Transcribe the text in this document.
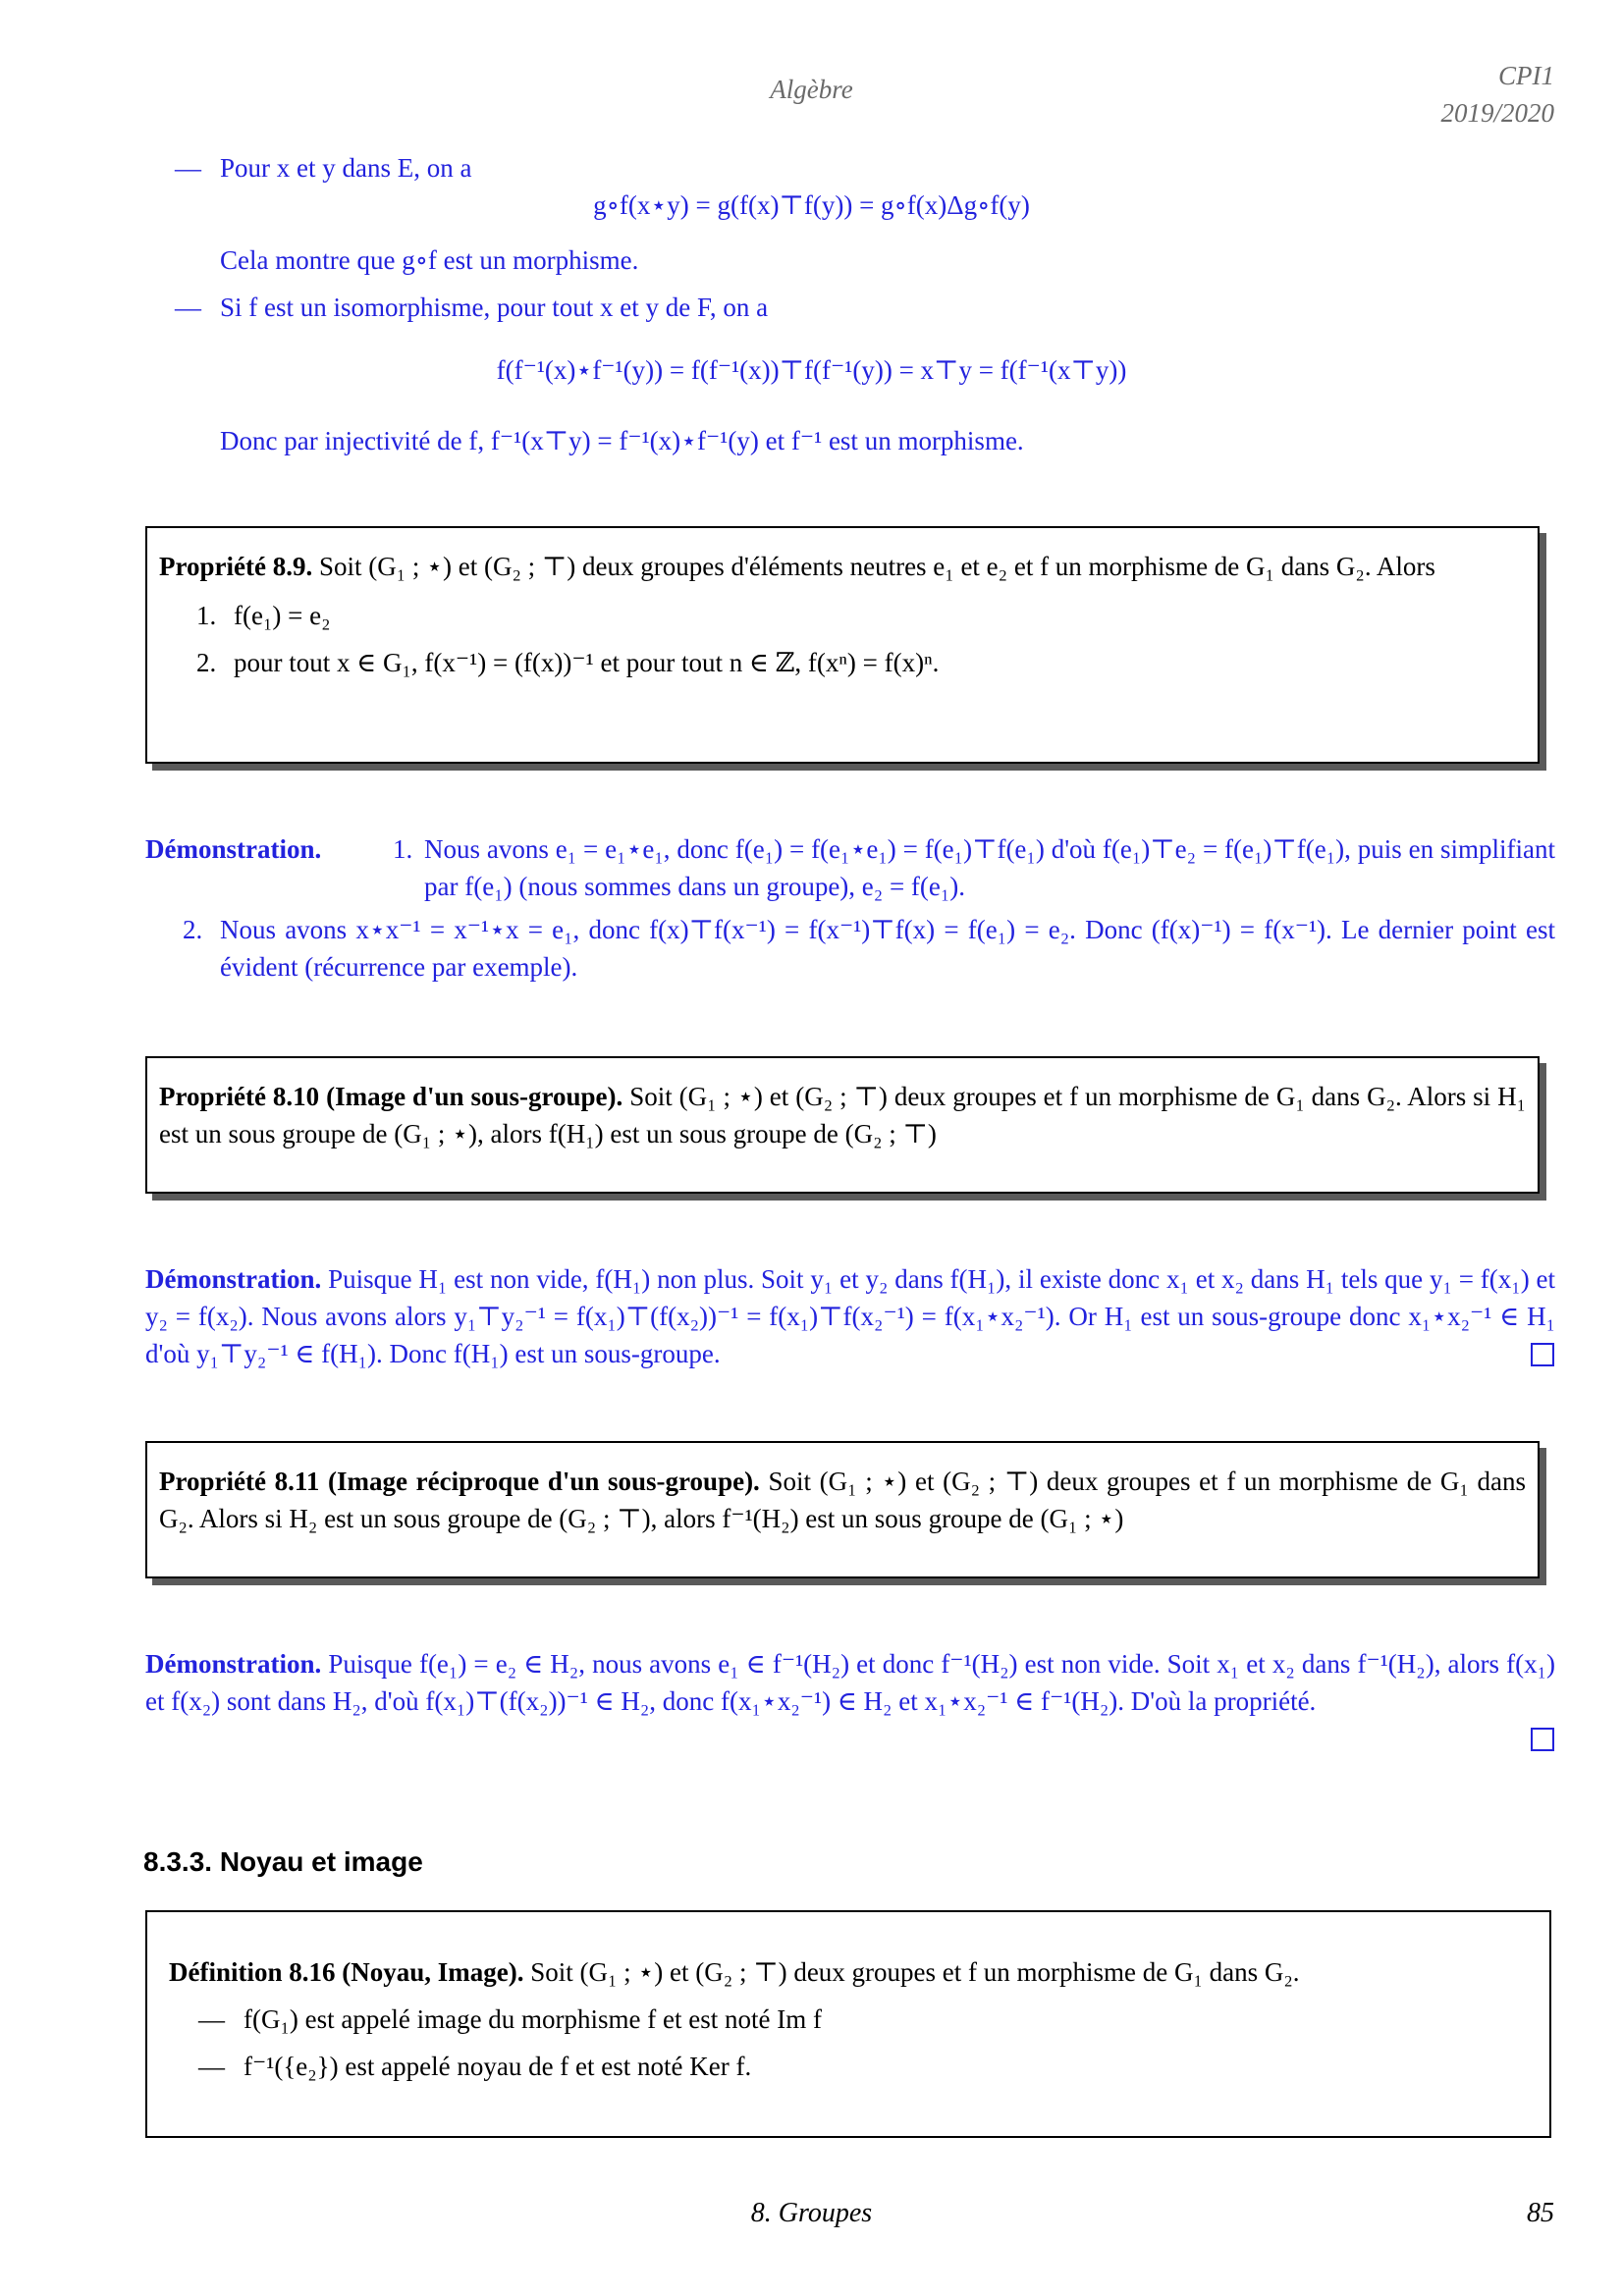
Algèbre	CPI1
2019/2020
— Pour x et y dans E, on a
g∘f(x⋆y) = g(f(x)⊤f(y)) = g∘f(x)Δg∘f(y)
Cela montre que g∘f est un morphisme.
— Si f est un isomorphisme, pour tout x et y de F, on a
f(f⁻¹(x)⋆f⁻¹(y)) = f(f⁻¹(x))⊤f(f⁻¹(y)) = x⊤y = f(f⁻¹(x⊤y))
Donc par injectivité de f, f⁻¹(x⊤y) = f⁻¹(x)⋆f⁻¹(y) et f⁻¹ est un morphisme.
Propriété 8.9. Soit (G₁ ; ⋆) et (G₂ ; ⊤) deux groupes d'éléments neutres e₁ et e₂ et f un morphisme de G₁ dans G₂. Alors
1. f(e₁) = e₂
2. pour tout x ∈ G₁, f(x⁻¹) = (f(x))⁻¹ et pour tout n ∈ ℤ, f(xⁿ) = f(x)ⁿ.
Démonstration.	1. Nous avons e₁ = e₁⋆e₁, donc f(e₁) = f(e₁⋆e₁) = f(e₁)⊤f(e₁) d'où f(e₁)⊤e₂ = f(e₁)⊤f(e₁), puis en simplifiant par f(e₁) (nous sommes dans un groupe), e₂ = f(e₁).
2. Nous avons x⋆x⁻¹ = x⁻¹⋆x = e₁, donc f(x)⊤f(x⁻¹) = f(x⁻¹)⊤f(x) = f(e₁) = e₂. Donc (f(x)⁻¹) = f(x⁻¹). Le dernier point est évident (récurrence par exemple).
Propriété 8.10 (Image d'un sous-groupe). Soit (G₁ ; ⋆) et (G₂ ; ⊤) deux groupes et f un morphisme de G₁ dans G₂. Alors si H₁ est un sous groupe de (G₁ ; ⋆), alors f(H₁) est un sous groupe de (G₂ ; ⊤)
Démonstration. Puisque H₁ est non vide, f(H₁) non plus. Soit y₁ et y₂ dans f(H₁), il existe donc x₁ et x₂ dans H₁ tels que y₁ = f(x₁) et y₂ = f(x₂). Nous avons alors y₁⊤y₂⁻¹ = f(x₁)⊤(f(x₂))⁻¹ = f(x₁)⊤f(x₂⁻¹) = f(x₁⋆x₂⁻¹). Or H₁ est un sous-groupe donc x₁⋆x₂⁻¹ ∈ H₁ d'où y₁⊤y₂⁻¹ ∈ f(H₁). Donc f(H₁) est un sous-groupe.
Propriété 8.11 (Image réciproque d'un sous-groupe). Soit (G₁ ; ⋆) et (G₂ ; ⊤) deux groupes et f un morphisme de G₁ dans G₂. Alors si H₂ est un sous groupe de (G₂ ; ⊤), alors f⁻¹(H₂) est un sous groupe de (G₁ ; ⋆)
Démonstration. Puisque f(e₁) = e₂ ∈ H₂, nous avons e₁ ∈ f⁻¹(H₂) et donc f⁻¹(H₂) est non vide. Soit x₁ et x₂ dans f⁻¹(H₂), alors f(x₁) et f(x₂) sont dans H₂, d'où f(x₁)⊤(f(x₂))⁻¹ ∈ H₂, donc f(x₁⋆x₂⁻¹) ∈ H₂ et x₁⋆x₂⁻¹ ∈ f⁻¹(H₂). D'où la propriété.
8.3.3. Noyau et image
Définition 8.16 (Noyau, Image). Soit (G₁ ; ⋆) et (G₂ ; ⊤) deux groupes et f un morphisme de G₁ dans G₂.
— f(G₁) est appelé image du morphisme f et est noté Im f
— f⁻¹({e₂}) est appelé noyau de f et est noté Ker f.
8. Groupes	85
